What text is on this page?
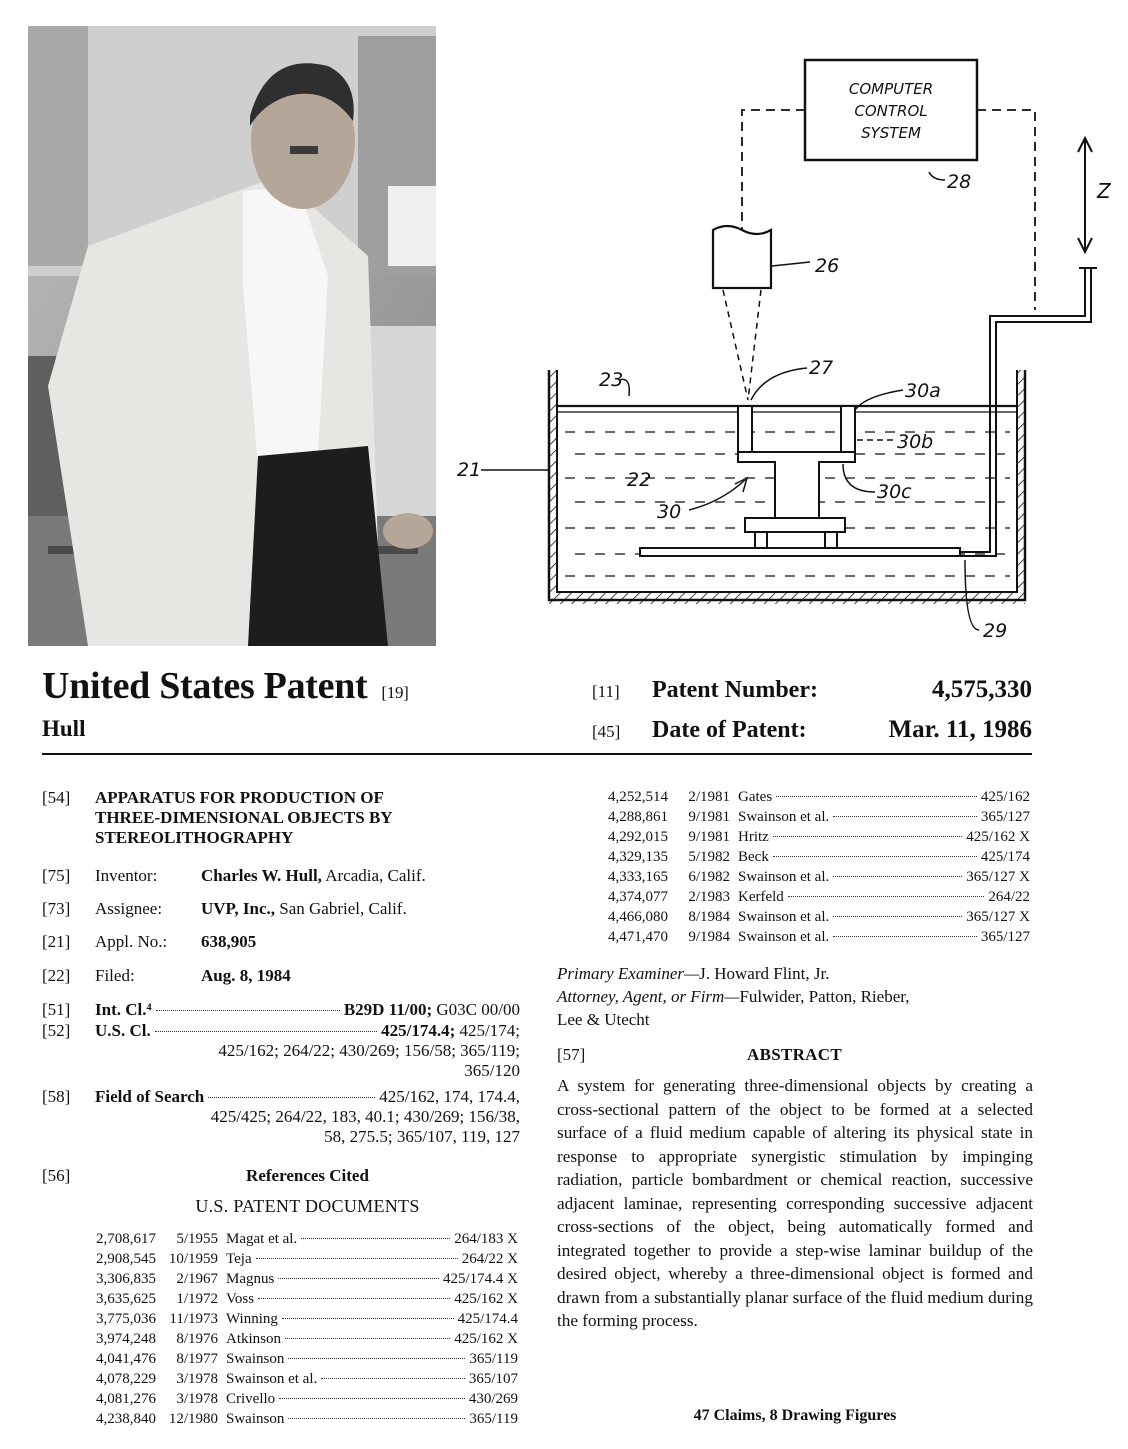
COMPUTER
CONTROL
SYSTEM
28	Z
26
23
27
30a
30b
30c
21	22
30
29
United States Patent [19]
Hull
[11]	Patent Number:	4,575,330
[45]	Date of Patent:	Mar. 11, 1986
[54]	APPARATUS FOR PRODUCTION OF
THREE-DIMENSIONAL OBJECTS BY
STEREOLITHOGRAPHY
[75]	Inventor:	Charles W. Hull, Arcadia, Calif.
[73]	Assignee: UVP, Inc., San Gabriel, Calif.
[21]	Appl. No.: 638,905
[22]	Filed:	Aug. 8, 1984
[51]	Int. Cl.⁴	B29D 11/00;
G03C 00/00
[52]	U.S. Cl.	425/174.4;
425/174;
425/162; 264/22; 430/269; 156/58; 365/119;
365/120
[58]	Field of Search	425/162, 174, 174.4,
425/425; 264/22, 183, 40.1; 430/269; 156/38,
58, 275.5; 365/107, 119, 127
[56]	References Cited
U.S. PATENT DOCUMENTS
2,708,617	5/1955 Magat et al.	264/183 X
2,908,545 10/1959 Teja	264/22 X
3,306,835	2/1967 Magnus	425/174.4 X
3,635,625	1/1972 Voss	425/162 X
3,775,036 11/1973 Winning	425/174.4
3,974,248	8/1976 Atkinson	425/162 X
4,041,476	8/1977 Swainson	365/119
4,078,229	3/1978 Swainson et al.	365/107
4,081,276	3/1978 Crivello	430/269
4,238,840 12/1980 Swainson	365/119
4,252,514	2/1981 Gates	425/162
4,288,861	9/1981 Swainson et al.	365/127
4,292,015	9/1981 Hritz	425/162 X
4,329,135	5/1982 Beck	425/174
4,333,165	6/1982 Swainson et al.	365/127 X
4,374,077	2/1983 Kerfeld	264/22
4,466,080	8/1984 Swainson et al.	365/127 X
4,471,470	9/1984 Swainson et al.	365/127
Primary Examiner—J. Howard Flint, Jr.
Attorney, Agent, or Firm—Fulwider, Patton, Rieber,
Lee & Utecht
[57]	ABSTRACT
A system for generating three-dimensional objects by creating a cross-sectional pattern of the object to be formed at a selected surface of a fluid medium capable of altering its physical state in response to appropriate synergistic stimulation by impinging radiation, particle bombardment or chemical reaction, successive adjacent laminae, representing corresponding successive adjacent cross-sections of the object, being automatically formed and integrated together to provide a step-wise laminar buildup of the desired object, whereby a three-dimensional object is formed and drawn from a substantially planar surface of the fluid medium during the forming process.
47 Claims, 8 Drawing Figures
